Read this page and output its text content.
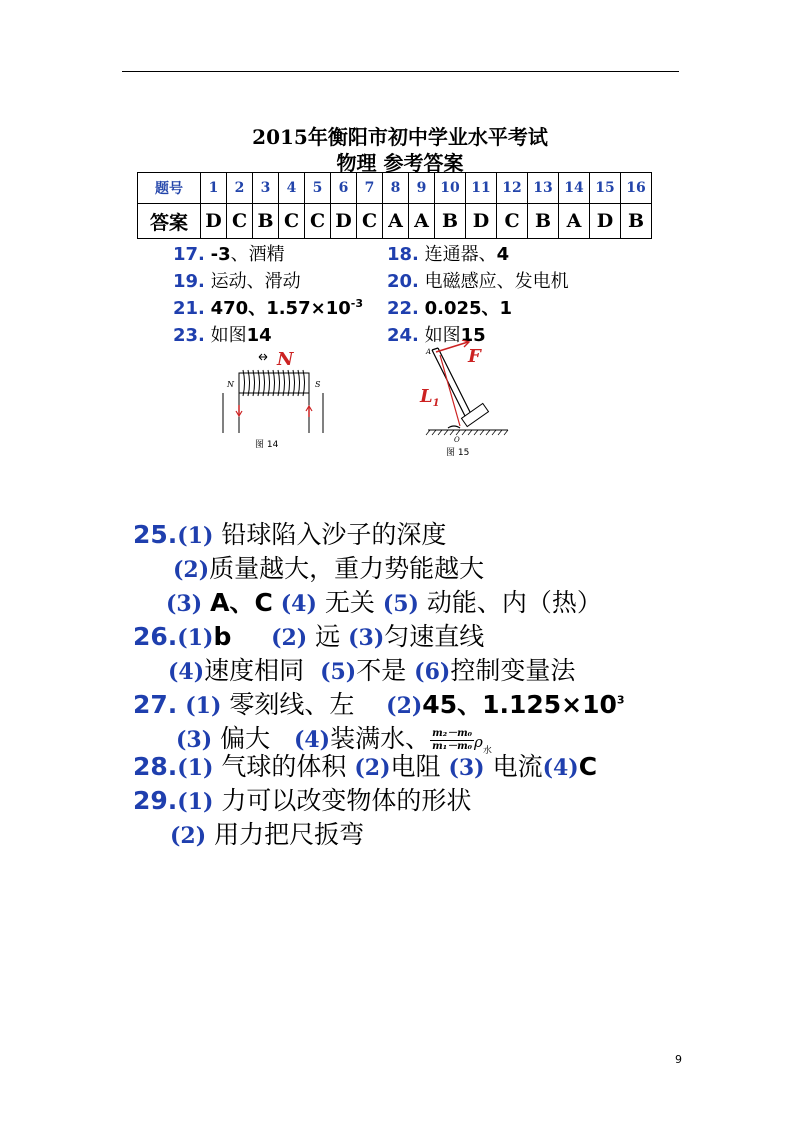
2015年衡阳市初中学业水平考试
物理 参考答案
题号	1	2	3	4	5	6	7	8	9	10	11	12	13	14	15	16
答案	D	C	B	C	C	D	C	A	A	B	D	C	B	A	D	B
17. -3、酒精	18. 连通器、4
19. 运动、滑动	20. 电磁感应、发电机
21. 470、$1.57\times 10^{-3}$ 22. 0.025、1
23. 如图14	24. 如图15
N
N	S
图 14
A F
$L_1$
O
图 15
25.(1) 铅球陷入沙子的深度
(2)质量越大，重力势能越大
(3) A、C (4) 无关 (5) 动能、内（热）
26.(1)b (2) 远 (3)匀速直线
(4)速度相同 (5)不是 (6)控制变量法
27. (1) 零刻线、左 (2)45、$1.125\times 10^3$
(3) 偏大 (4)装满水、 $\frac{\text{m₂－m₀}}{\text{m₁－m₀}} \rho_水$
28.(1) 气球的体积 (2)电阻 (3) 电流(4)C
29.(1) 力可以改变物体的形状
(2) 用力把尺扳弯
9
